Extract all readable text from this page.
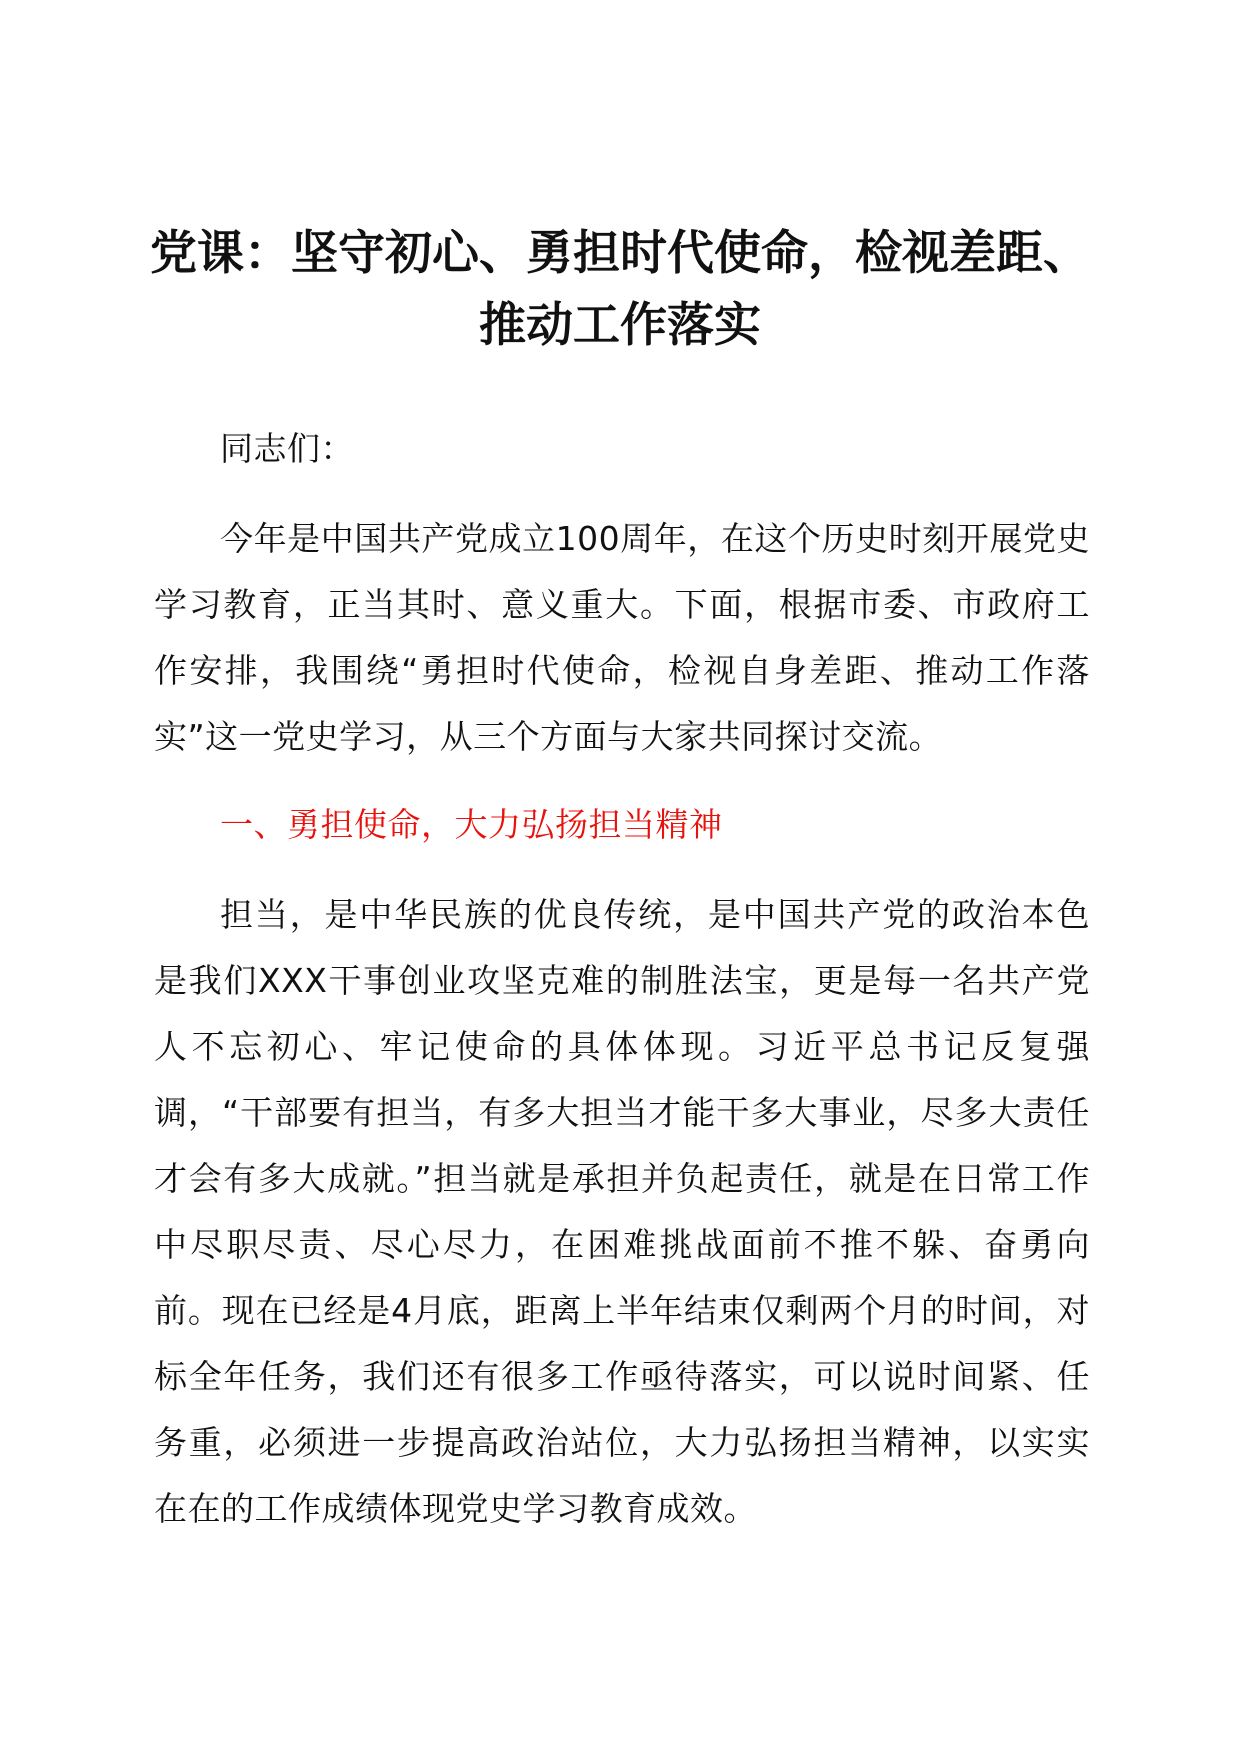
党课：坚守初心、勇担时代使命，检视差距、
推动工作落实

同志们：

今年是中国共产党成立100周年，在这个历史时刻开展党史学习教育，正当其时、意义重大。下面，根据市委、市政府工作安排，我围绕“勇担时代使命，检视自身差距、推动工作落实”这一党史学习，从三个方面与大家共同探讨交流。

一、勇担使命，大力弘扬担当精神

担当，是中华民族的优良传统，是中国共产党的政治本色是我们XXX干事创业攻坚克难的制胜法宝，更是每一名共产党人不忘初心、牢记使命的具体体现。习近平总书记反复强调，“干部要有担当，有多大担当才能干多大事业，尽多大责任才会有多大成就。”担当就是承担并负起责任，就是在日常工作中尽职尽责、尽心尽力，在困难挑战面前不推不躲、奋勇向前。现在已经是4月底，距离上半年结束仅剩两个月的时间，对标全年任务，我们还有很多工作亟待落实，可以说时间紧、任务重，必须进一步提高政治站位，大力弘扬担当精神，以实实在在的工作成绩体现党史学习教育成效。
